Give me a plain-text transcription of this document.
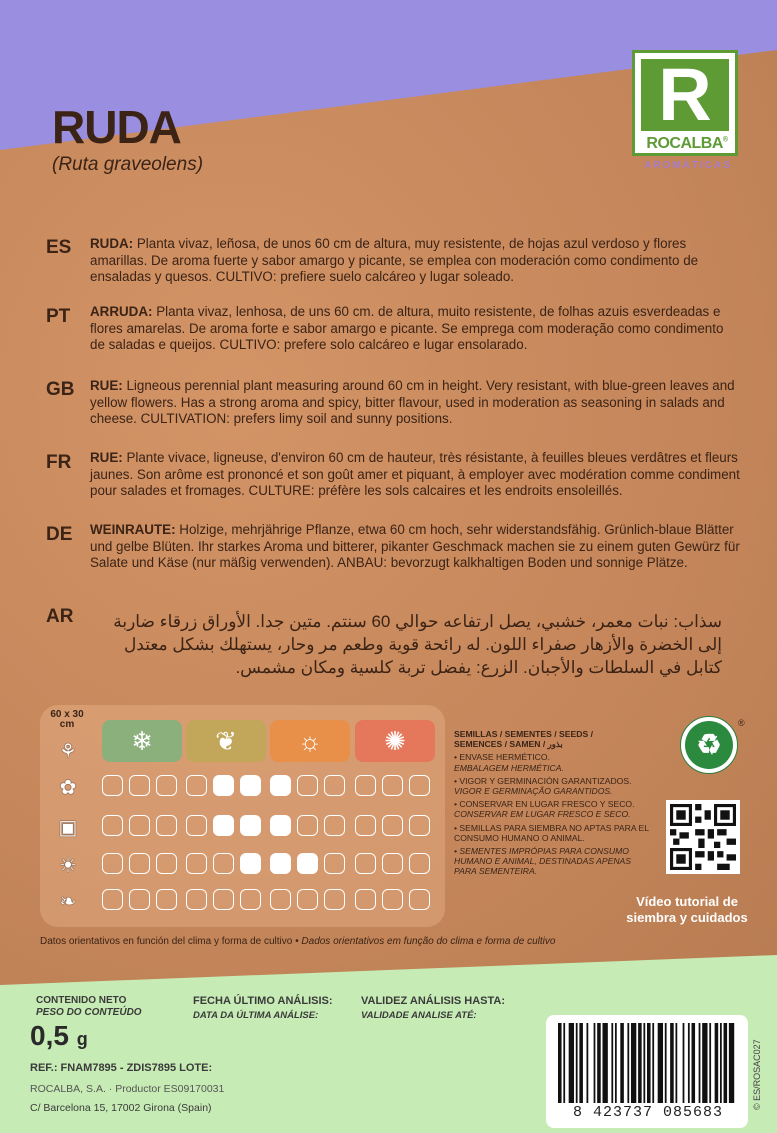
RUDA
(Ruta graveolens)
R
ROCALBA®
AROMÁTICAS
ES RUDA: Planta vivaz, leñosa, de unos 60 cm de altura, muy resistente, de hojas azul verdoso y flores amarillas. De aroma fuerte y sabor amargo y picante, se emplea con moderación como condimento de ensaladas y quesos. CULTIVO: prefiere suelo calcáreo y lugar soleado.
PT ARRUDA: Planta vivaz, lenhosa, de uns 60 cm. de altura, muito resistente, de folhas azuis esverdeadas e flores amarelas. De aroma forte e sabor amargo e picante. Se emprega com moderação como condimento de saladas e queijos. CULTIVO: prefere solo calcáreo e lugar ensolarado.
GB RUE: Ligneous perennial plant measuring around 60 cm in height. Very resistant, with blue-green leaves and yellow flowers. Has a strong aroma and spicy, bitter flavour, used in moderation as seasoning in salads and cheese. CULTIVATION: prefers limy soil and sunny positions.
FR RUE: Plante vivace, ligneuse, d'environ 60 cm de hauteur, très résistante, à feuilles bleues verdâtres et fleurs jaunes. Son arôme est prononcé et son goût amer et piquant, à employer avec modération comme condiment pour salades et fromages. CULTURE: préfère les sols calcaires et les endroits ensoleillés.
DE WEINRAUTE: Holzige, mehrjährige Pflanze, etwa 60 cm hoch, sehr widerstandsfähig. Grünlich-blaue Blätter und gelbe Blüten. Ihr starkes Aroma und bitterer, pikanter Geschmack machen sie zu einem guten Gewürz für Salate und Käse (nur mäßig verwenden). ANBAU: bevorzugt kalkhaltigen Boden und sonnige Plätze.
AR	سذاب: نبات معمر، خشبي، يصل ارتفاعه حوالي 60 سنتم. متين جدا. الأوراق زرقاء ضاربة إلى الخضرة والأزهار صفراء اللون. له رائحة قوية وطعم مر وحار، يستهلك بشكل معتدل كتابل في السلطات والأجبان. الزرع: يفضل تربة كلسية ومكان مشمس.
60 x 30 cm
⚘
✿
▣
☀
❧
❄	❦	☼	✺	SEMILLAS / SEMENTES / SEEDS /
SEMENCES / SAMEN / بذور
• ENVASE HERMÉTICO.
EMBALAGEM HERMÉTICA.
• VIGOR Y GERMINACIÓN GARANTIZADOS.
VIGOR E GERMINAÇÃO GARANTIDOS.
• CONSERVAR EN LUGAR FRESCO Y SECO.
CONSERVAR EM LUGAR FRESCO E SECO.
• SEMILLAS PARA SIEMBRA NO APTAS PARA EL CONSUMO HUMANO O ANIMAL.
• SEMENTES IMPRÓPIAS PARA CONSUMO HUMANO E ANIMAL, DESTINADAS APENAS PARA SEMENTEIRA.
♻
®
Vídeo tutorial de
siembra y cuidados
Datos orientativos en función del clima y forma de cultivo • Dados orientativos em função do clima e forma de cultivo
CONTENIDO NETO
PESO DO CONTEÚDO
0,5 g
FECHA ÚLTIMO ANÁLISIS:
DATA DA ÚLTIMA ANÁLISE:
VALIDEZ ANÁLISIS HASTA:
VALIDADE ANALISE ATÉ:
REF.: FNAM7895 - ZDIS7895 LOTE:
ROCALBA, S.A. · Productor ES09170031
C/ Barcelona 15, 17002 Girona (Spain)	8 423737 085683
© ES/ROSAC027
